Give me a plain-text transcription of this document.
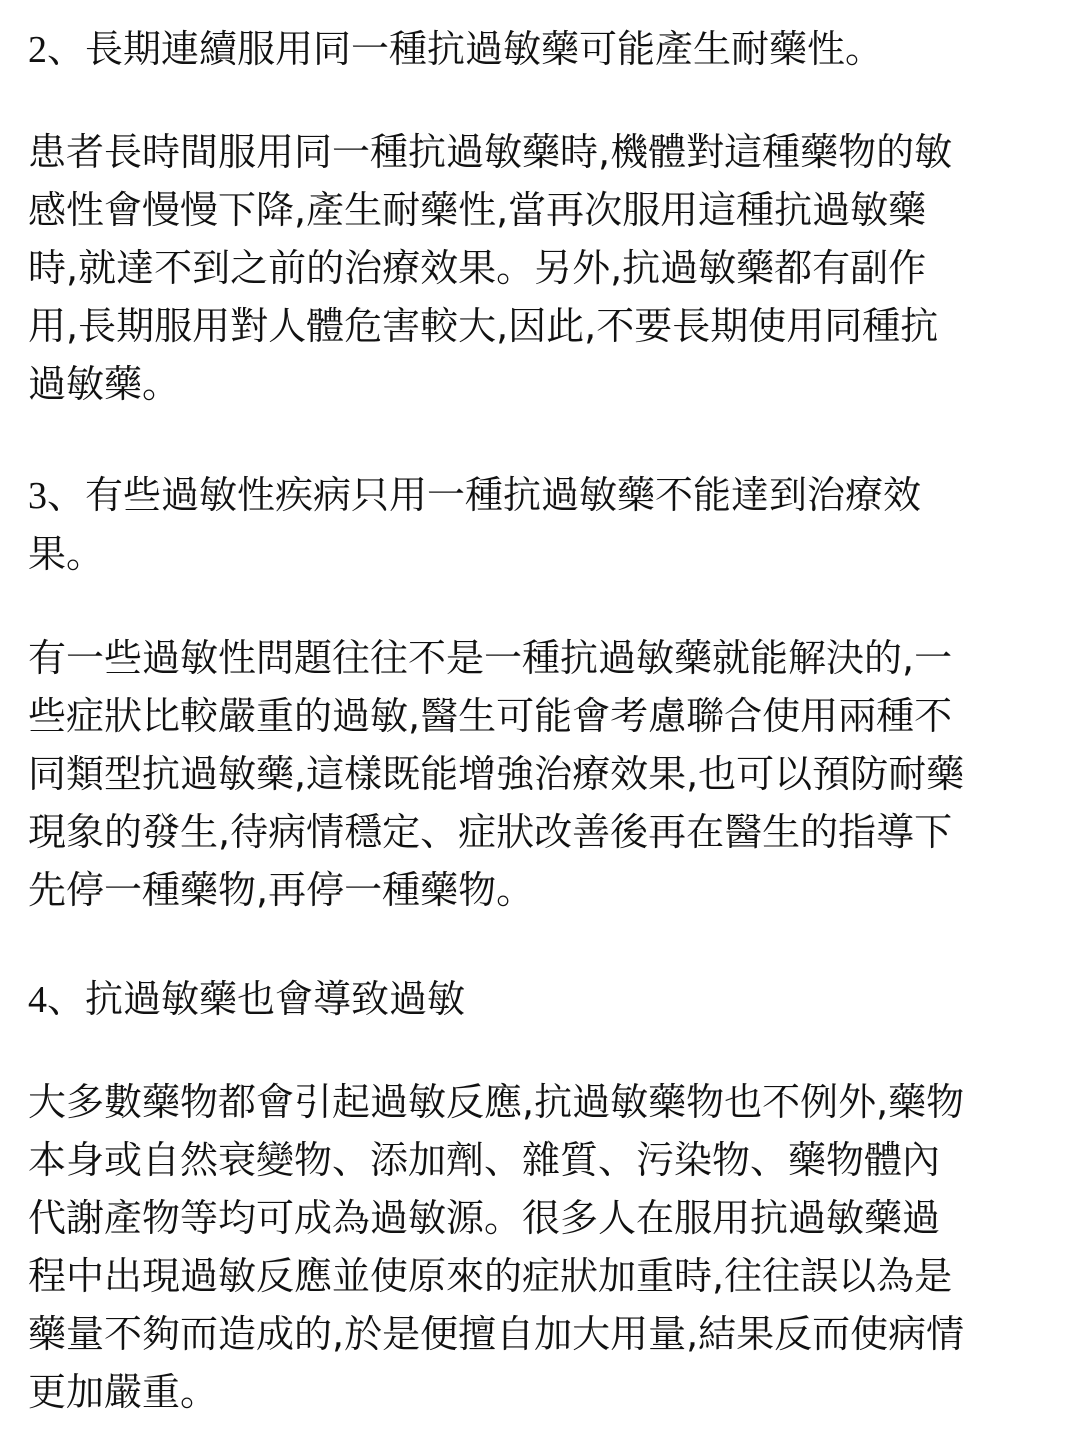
2、長期連續服用同一種抗過敏藥可能產生耐藥性。

患者長時間服用同一種抗過敏藥時,機體對這種藥物的敏
感性會慢慢下降,產生耐藥性,當再次服用這種抗過敏藥
時,就達不到之前的治療效果。另外,抗過敏藥都有副作
用,長期服用對人體危害較大,因此,不要長期使用同種抗
過敏藥。

3、有些過敏性疾病只用一種抗過敏藥不能達到治療效
果。

有一些過敏性問題往往不是一種抗過敏藥就能解決的,一
些症狀比較嚴重的過敏,醫生可能會考慮聯合使用兩種不
同類型抗過敏藥,這樣既能增強治療效果,也可以預防耐藥
現象的發生,待病情穩定、症狀改善後再在醫生的指導下
先停一種藥物,再停一種藥物。

4、抗過敏藥也會導致過敏

大多數藥物都會引起過敏反應,抗過敏藥物也不例外,藥物
本身或自然衰變物、添加劑、雜質、污染物、藥物體內
代謝產物等均可成為過敏源。很多人在服用抗過敏藥過
程中出現過敏反應並使原來的症狀加重時,往往誤以為是
藥量不夠而造成的,於是便擅自加大用量,結果反而使病情
更加嚴重。
